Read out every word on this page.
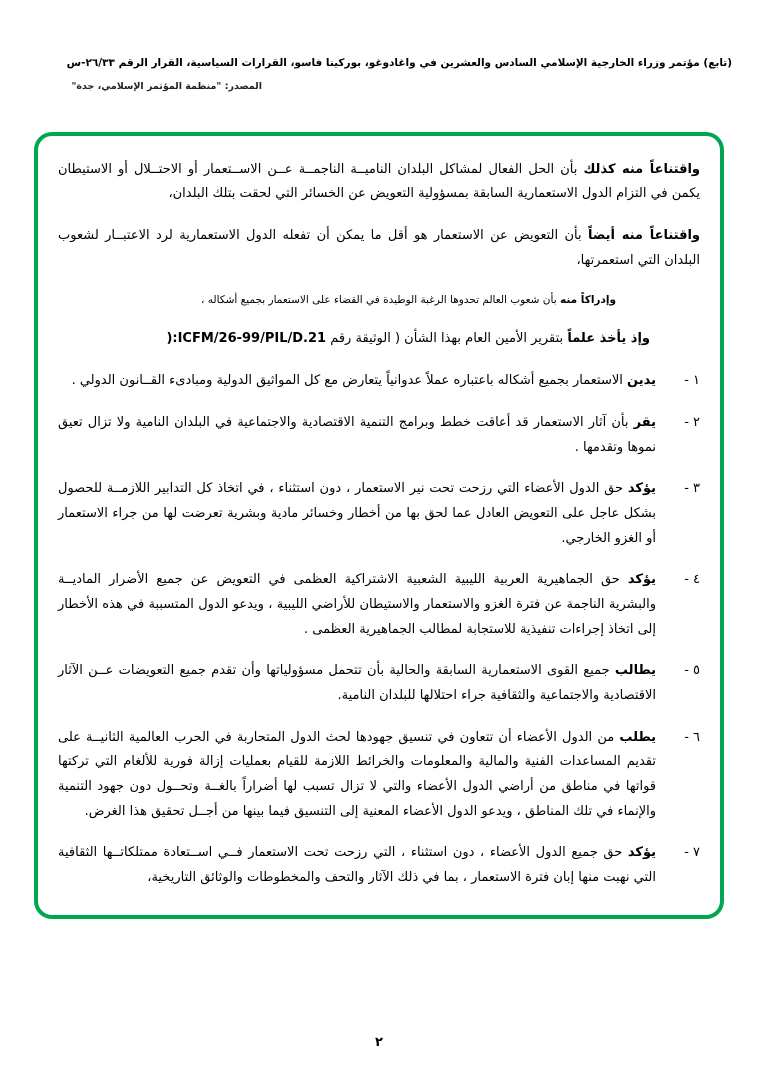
(تابع) مؤتمر وزراء الخارجية الإسلامي السادس والعشرين في واغادوغو، بوركينا فاسو، القرارات السياسية، القرار الرقم ٢٦/٣٣-س
المصدر: "منظمة المؤتمر الإسلامي، جدة"

واقتناعاً منه كذلك بأن الحل الفعال لمشاكل البلدان الناميــة الناجمــة عــن الاســتعمار أو الاحتــلال أو الاستيطان يكمن في التزام الدول الاستعمارية السابقة بمسؤولية التعويض عن الخسائر التي لحقت بتلك البلدان،

واقتناعاً منه أيضاً بأن التعويض عن الاستعمار هو أقل ما يمكن أن تفعله الدول الاستعمارية لرد الاعتبــار لشعوب البلدان التي استعمرتها،

وإدراكاً منه بأن شعوب العالم تحدوها الرغبة الوطيدة في القضاء على الاستعمار بجميع أشكاله ،

وإذ يأخذ علماً بتقرير الأمين العام بهذا الشأن ( الوثيقة رقم ICFM/26-99/PIL/D.21):

١ -
يدين الاستعمار بجميع أشكاله باعتباره عملاً عدوانياً يتعارض مع كل المواثيق الدولية ومبادىء القــانون الدولي .
٢ -
يقر بأن آثار الاستعمار قد أعاقت خطط وبرامج التنمية الاقتصادية والاجتماعية في البلدان النامية ولا تزال تعيق نموها وتقدمها .
٣ -
يؤكد حق الدول الأعضاء التي رزحت تحت نير الاستعمار ، دون استثناء ، في اتخاذ كل التدابير اللازمــة للحصول بشكل عاجل على التعويض العادل عما لحق بها من أخطار وخسائر مادية وبشرية تعرضت لها من جراء الاستعمار أو الغزو الخارجي.
٤ -
يؤكد حق الجماهيرية العربية الليبية الشعبية الاشتراكية العظمى في التعويض عن جميع الأضرار الماديــة والبشرية الناجمة عن فترة الغزو والاستعمار والاستيطان للأراضي الليبية ، ويدعو الدول المتسببة في هذه الأخطار إلى اتخاذ إجراءات تنفيذية للاستجابة لمطالب الجماهيرية العظمى .
٥ -
يطالب جميع القوى الاستعمارية السابقة والحالية بأن تتحمل مسؤولياتها وأن تقدم جميع التعويضات عــن الآثار الاقتصادية والاجتماعية والثقافية جراء احتلالها للبلدان النامية.
٦ -
يطلب من الدول الأعضاء أن تتعاون في تنسيق جهودها لحث الدول المتحاربة في الحرب العالمية الثانيــة على تقديم المساعدات الفنية والمالية والمعلومات والخرائط اللازمة للقيام بعمليات إزالة فورية للألغام التي تركتها قواتها في مناطق من أراضي الدول الأعضاء والتي لا تزال تسبب لها أضراراً بالغــة وتحــول دون جهود التنمية والإنماء في تلك المناطق ، ويدعو الدول الأعضاء المعنية إلى التنسيق فيما بينها من أجــل تحقيق هذا الغرض.
٧ -
يؤكد حق جميع الدول الأعضاء ، دون استثناء ، التي رزحت تحت الاستعمار فــي اســتعادة ممتلكاتــها الثقافية التي نهبت منها إبان فترة الاستعمار ، بما في ذلك الآثار والتحف والمخطوطات والوثائق التاريخية،
٢
